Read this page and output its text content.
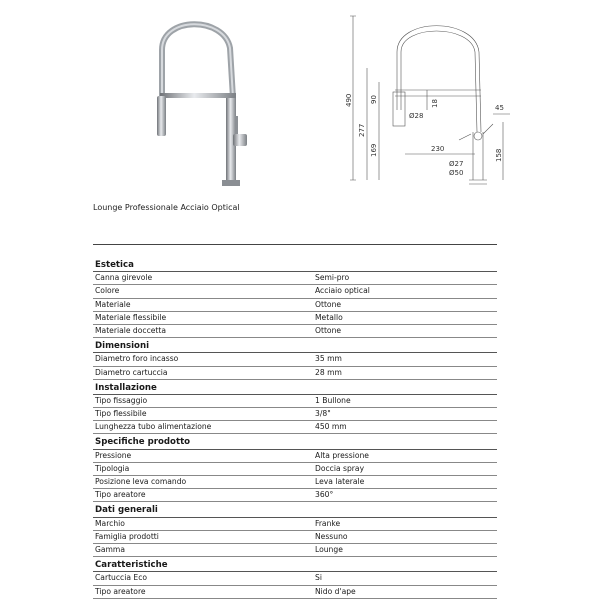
490
277
90
169
18
Ø28
230
45
158
Ø27
Ø50
Lounge Professionale Acciaio Optical
Estetica
Canna girevole	Semi-pro
Colore	Acciaio optical
Materiale	Ottone
Materiale flessibile	Metallo
Materiale doccetta	Ottone
Dimensioni
Diametro foro incasso	35 mm
Diametro cartuccia	28 mm
Installazione
Tipo fissaggio	1 Bullone
Tipo flessibile	3/8"
Lunghezza tubo alimentazione	450 mm
Specifiche prodotto
Pressione	Alta pressione
Tipologia	Doccia spray
Posizione leva comando	Leva laterale
Tipo areatore	360°
Dati generali
Marchio	Franke
Famiglia prodotti	Nessuno
Gamma	Lounge
Caratteristiche
Cartuccia Eco	Si
Tipo areatore	Nido d'ape
